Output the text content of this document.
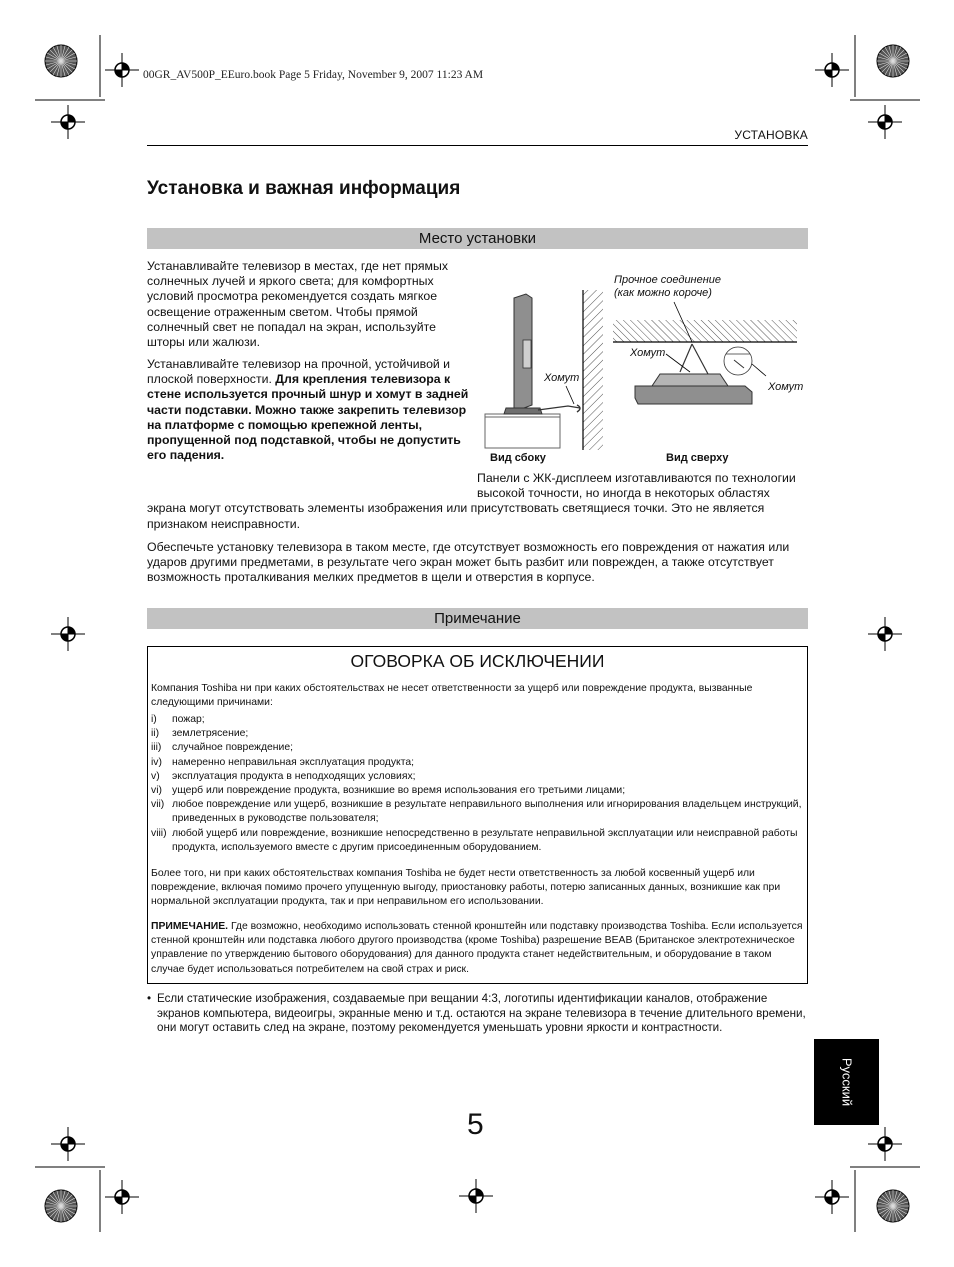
00GR_AV500P_EEuro.book Page 5 Friday, November 9, 2007 11:23 AM
УСТАНОВКА
Установка и важная информация
Место установки
Устанавливайте телевизор в местах, где нет прямых солнечных лучей и яркого света; для комфортных условий просмотра рекомендуется создать мягкое освещение отраженным светом. Чтобы прямой солнечный свет не попадал на экран, используйте шторы или жалюзи.
Устанавливайте телевизор на прочной, устойчивой и плоской поверхности. Для крепления телевизора к стене используется прочный шнур и хомут в задней части подставки. Можно также закрепить телевизор на платформе с помощью крепежной ленты, пропущенной под подставкой, чтобы не допустить его падения.
Прочное соединение
(как можно короче)
Хомут
Хомут
Хомут
Вид сбоку	Вид сверху
Панели с ЖК-дисплеем изготавливаются по технологии высокой точности, но иногда в некоторых областях экрана могут отсутствовать элементы изображения или присутствовать светящиеся точки. Это не является признаком неисправности.
Обеспечьте установку телевизора в таком месте, где отсутствует возможность его повреждения от нажатия или ударов другими предметами, в результате чего экран может быть разбит или поврежден, а также отсутствует возможность проталкивания мелких предметов в щели и отверстия в корпусе.
Примечание
ОГОВОРКА ОБ ИСКЛЮЧЕНИИ
Компания Toshiba ни при каких обстоятельствах не несет ответственности за ущерб или повреждение продукта, вызванные следующими причинами:
i) пожар;
ii) землетрясение;
iii) случайное повреждение;
iv) намеренно неправильная эксплуатация продукта;
v) эксплуатация продукта в неподходящих условиях;
vi) ущерб или повреждение продукта, возникшие во время использования его третьими лицами;
vii) любое повреждение или ущерб, возникшие в результате неправильного выполнения или игнорирования владельцем инструкций, приведенных в руководстве пользователя;
viii) любой ущерб или повреждение, возникшие непосредственно в результате неправильной эксплуатации или неисправной работы продукта, используемого вместе с другим присоединенным оборудованием.
Более того, ни при каких обстоятельствах компания Toshiba не будет нести ответственность за любой косвенный ущерб или повреждение, включая помимо прочего упущенную выгоду, приостановку работы, потерю записанных данных, возникшие как при нормальной эксплуатации продукта, так и при неправильном его использовании.
ПРИМЕЧАНИЕ. Где возможно, необходимо использовать стенной кронштейн или подставку производства Toshiba. Если используется стенной кронштейн или подставка любого другого производства (кроме Toshiba) разрешение BEAB (Британское электротехническое управление по утверждению бытового оборудования) для данного продукта станет недействительным, и оборудование в таком случае будет использоваться потребителем на свой страх и риск.
• Если статические изображения, создаваемые при вещании 4:3, логотипы идентификации каналов, отображение экранов компьютера, видеоигры, экранные меню и т.д. остаются на экране телевизора в течение длительного времени, они могут оставить след на экране, поэтому рекомендуется уменьшать уровни яркости и контрастности.
5
Русский
